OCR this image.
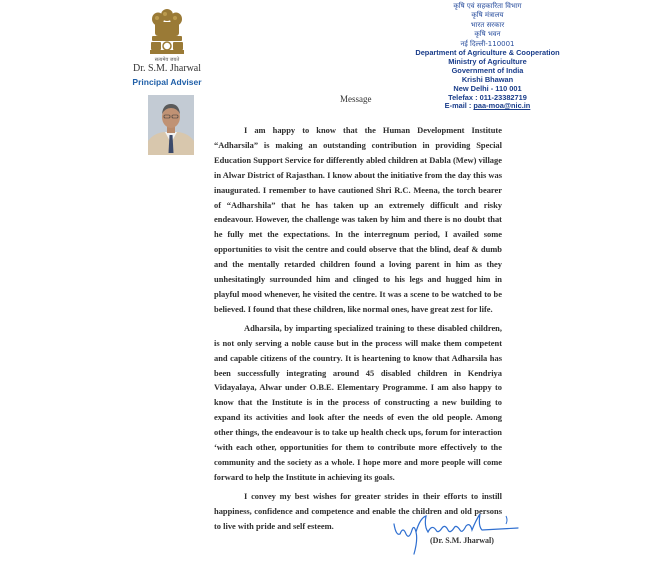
सत्यमेव जयते
Dr. S.M. Jharwal
Principal Adviser
कृषि एवं सहकारिता विभाग
कृषि मंत्रालय
भारत सरकार
कृषि भवन
नई दिल्ली-110001
Department of Agriculture & Cooperation
Ministry of Agriculture
Government of India
Krishi Bhawan
New Delhi - 110 001
Telefax : 011-23382719
E-mail : paa-moa@nic.in
Message

I am happy to know that the Human Development Institute “Adharsila” is making an outstanding contribution in providing Special Education Support Service for differently abled children at Dabla (Mew) village in Alwar District of Rajasthan. I know about the initiative from the day this was inaugurated. I remember to have cautioned Shri R.C. Meena, the torch bearer of “Adharshila” that he has taken up an extremely difficult and risky endeavour. However, the challenge was taken by him and there is no doubt that he fully met the expectations. In the interregnum period, I availed some opportunities to visit the centre and could observe that the blind, deaf & dumb and the mentally retarded children found a loving parent in him as they unhesitatingly surrounded him and clinged to his legs and hugged him in playful mood whenever, he visited the centre. It was a scene to be watched to be believed. I found that these children, like normal ones, have great zest for life.

Adharsila, by imparting specialized training to these disabled children, is not only serving a noble cause but in the process will make them competent and capable citizens of the country. It is heartening to know that Adharsila has been successfully integrating around 45 disabled children in Kendriya Vidayalaya, Alwar under O.B.E. Elementary Programme. I am also happy to know that the Institute is in the process of constructing a new building to expand its activities and look after the needs of even the old people. Among other things, the endeavour is to take up health check ups, forum for interaction ‘with each other, opportunities for them to contribute more effectively to the community and the society as a whole. I hope more and more people will come forward to help the Institute in achieving its goals.

I convey my best wishes for greater strides in their efforts to instill happiness, confidence and competence and enable the children and old persons to live with pride and self esteem.

(Dr. S.M. Jharwal)
